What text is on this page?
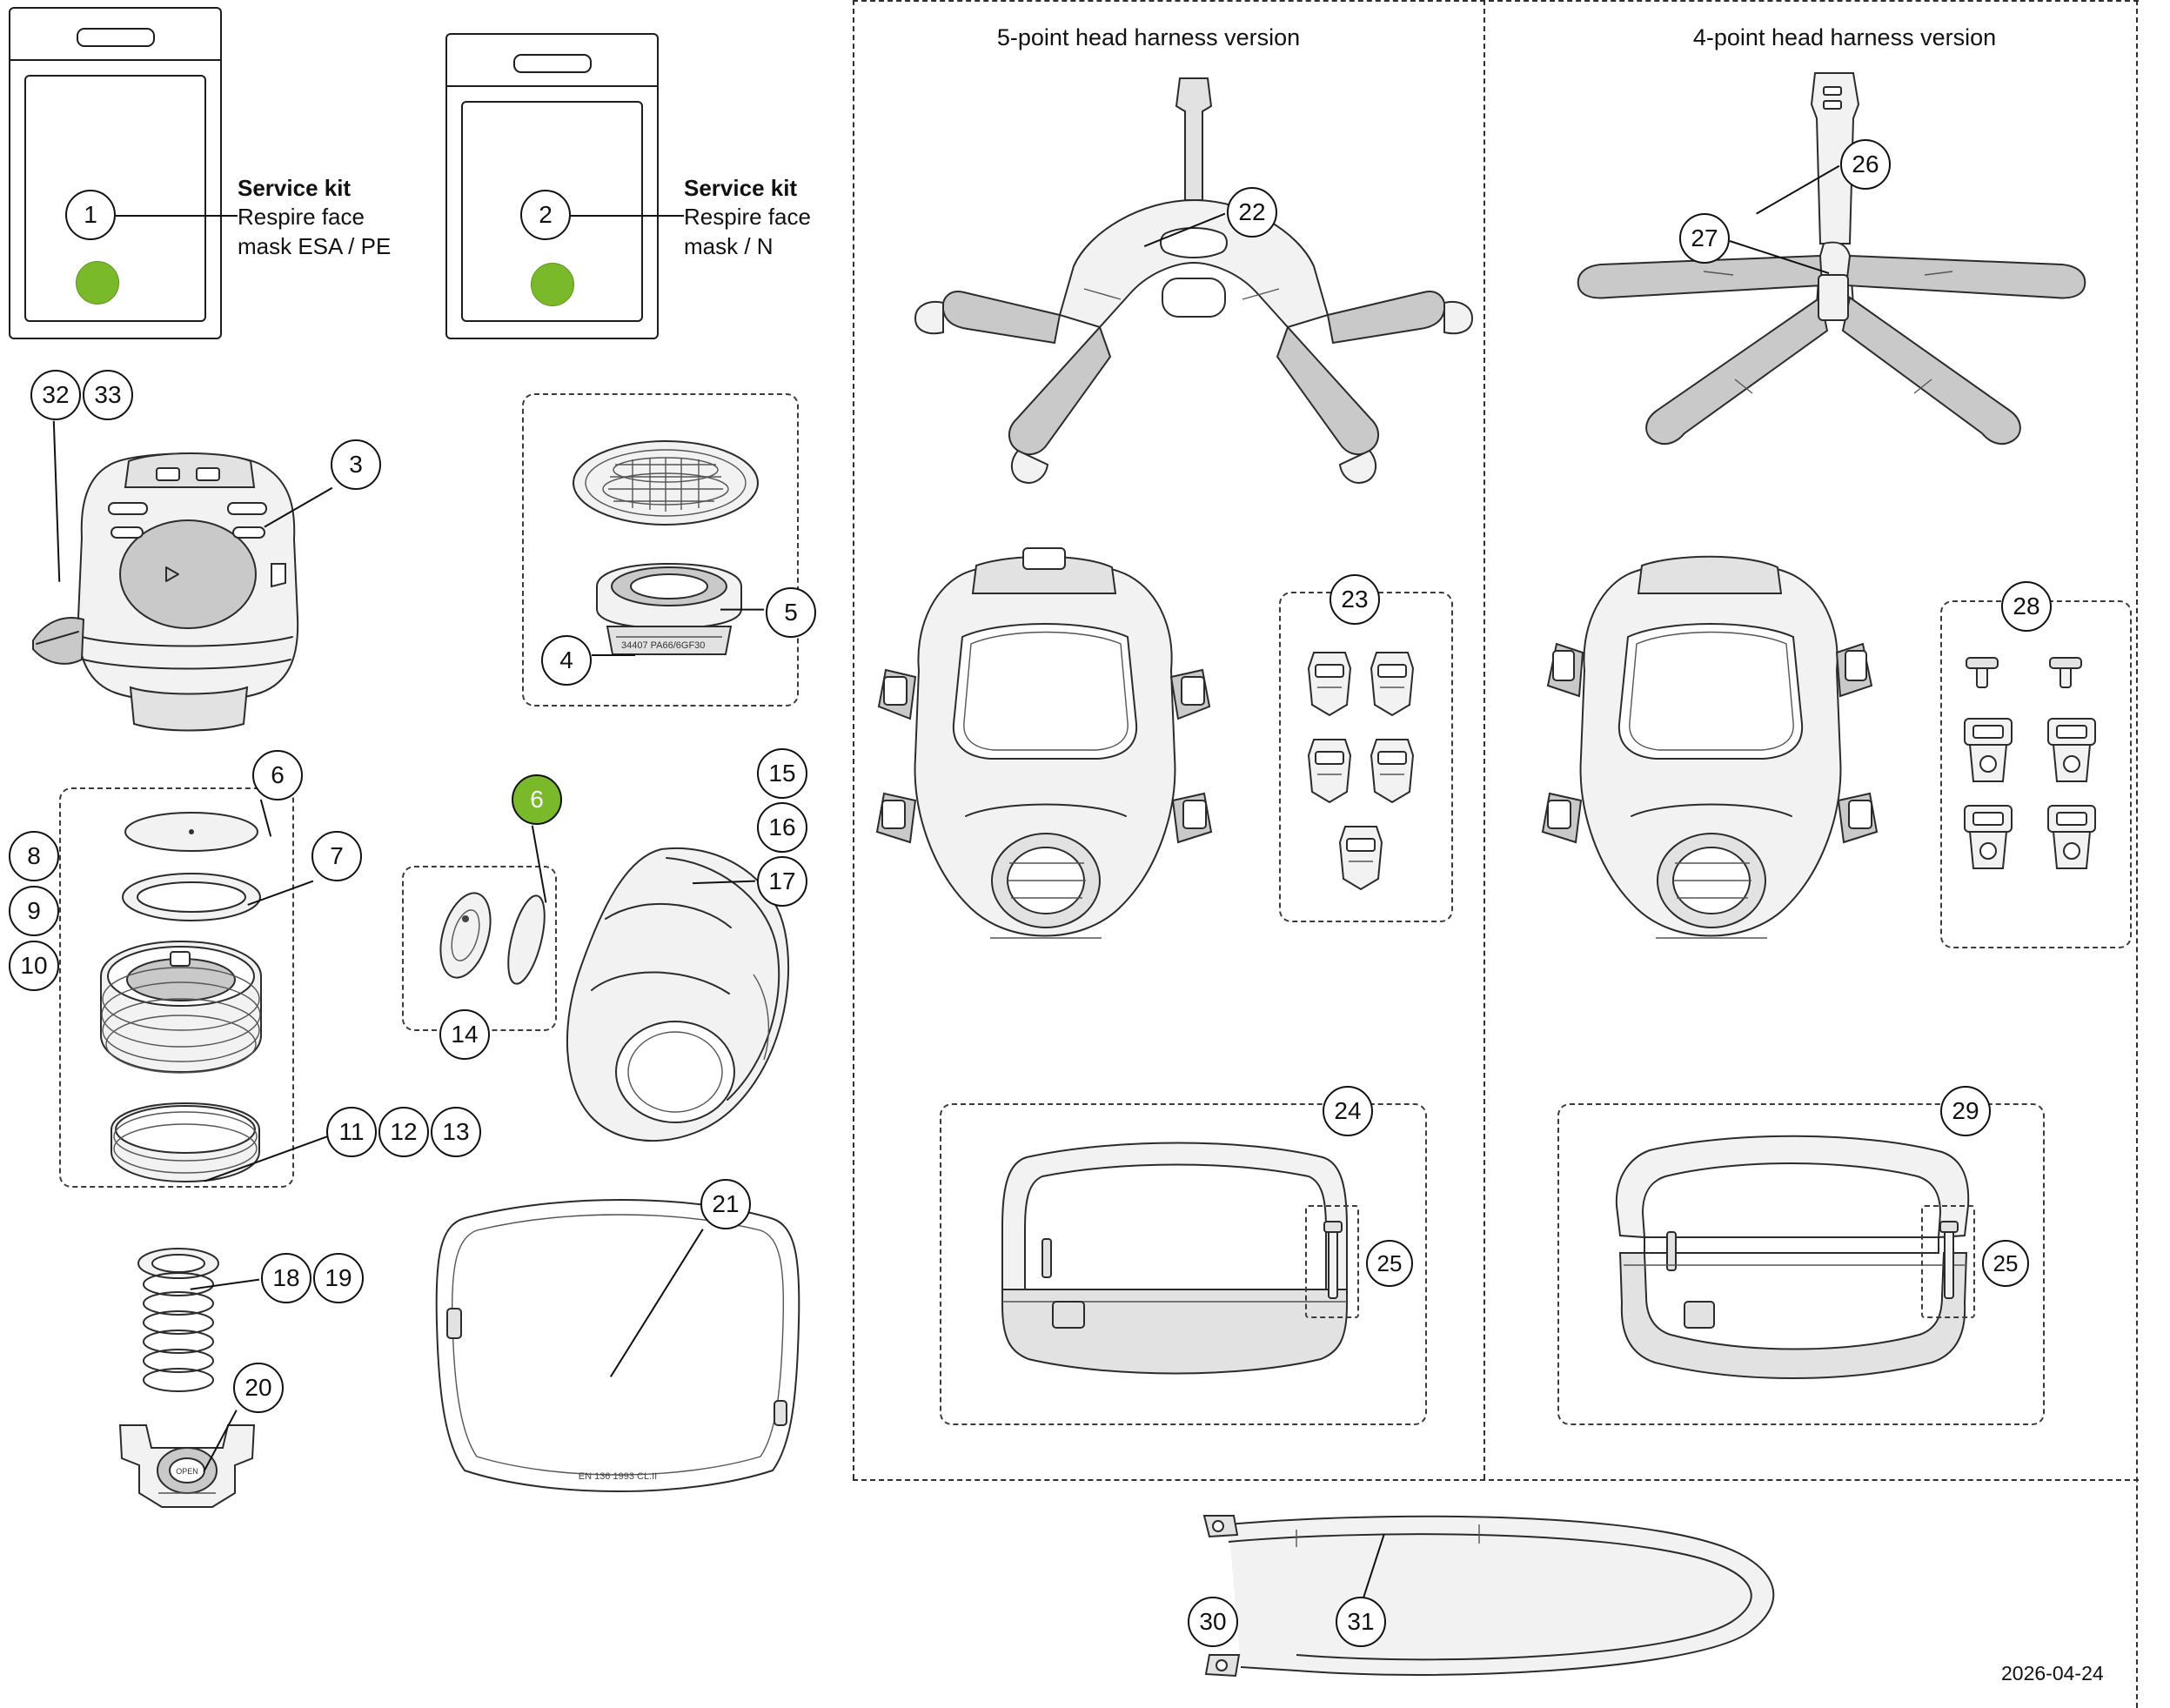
5-point head harness version	4-point head harness version
1
Service kit
Respire face
mask ESA / PE
2
Service kit
Respire face
mask / N
3
32	33
34407 PA66/6GF30
5
4
6
7
8
9
10
11	12	13
14
6
15
16
17
18	19
OPEN
20
EN 136 1993 CL.II
21
22
23
24
25
26
27
28
29
25
30	31
2026-04-24
